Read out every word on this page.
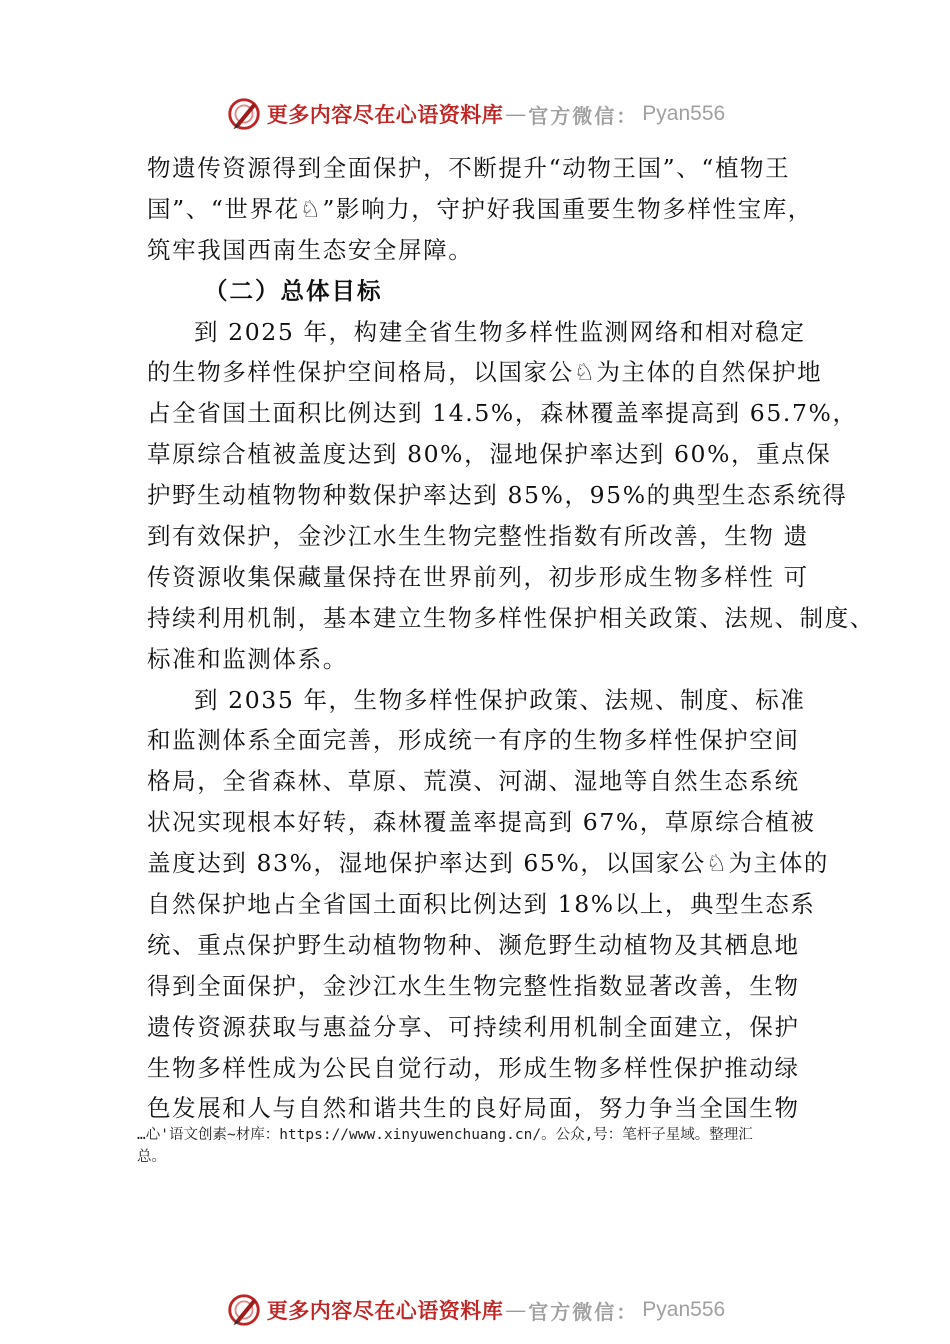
更多内容尽在心语资料库 — 官方微信： Pyan556
物遗传资源得到全面保护，不断提升“动物王国”、“植物王
国”、“世界花♘”影响力，守护好我国重要生物多样性宝库，
筑牢我国西南生态安全屏障。
（二）总体目标
到 2025 年，构建全省生物多样性监测网络和相对稳定
的生物多样性保护空间格局，以国家公♘为主体的自然保护地
占全省国土面积比例达到 14.5%，森林覆盖率提高到 65.7%，
草原综合植被盖度达到 80%，湿地保护率达到 60%，重点保
护野生动植物物种数保护率达到 85%，95%的典型生态系统得
到有效保护，金沙江水生生物完整性指数有所改善，生物 遗
传资源收集保藏量保持在世界前列，初步形成生物多样性 可
持续利用机制，基本建立生物多样性保护相关政策、法规、制度、
标准和监测体系。
到 2035 年，生物多样性保护政策、法规、制度、标准
和监测体系全面完善，形成统一有序的生物多样性保护空间
格局，全省森林、草原、荒漠、河湖、湿地等自然生态系统
状况实现根本好转，森林覆盖率提高到 67%，草原综合植被
盖度达到 83%，湿地保护率达到 65%，以国家公♘为主体的
自然保护地占全省国土面积比例达到 18%以上，典型生态系
统、重点保护野生动植物物种、濒危野生动植物及其栖息地
得到全面保护，金沙江水生生物完整性指数显著改善，生物
遗传资源获取与惠益分享、可持续利用机制全面建立，保护
生物多样性成为公民自觉行动，形成生物多样性保护推动绿
色发展和人与自然和谐共生的良好局面，努力争当全国生物
…心'语文创素~材库：https://www.xinyuwenchuang.cn/。公众,号：笔杆子星域。整理汇
总。
更多内容尽在心语资料库 — 官方微信： Pyan556
